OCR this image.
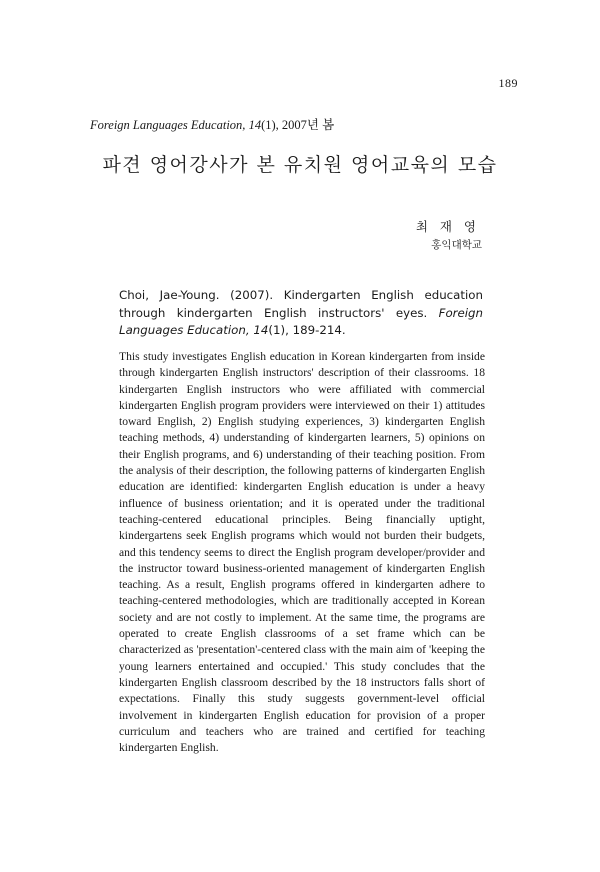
189
Foreign Languages Education, 14(1), 2007년 봄
파견 영어강사가 본 유치원 영어교육의 모습
최 재 영
홍익대학교
Choi, Jae-Young. (2007). Kindergarten English education through kindergarten English instructors' eyes. Foreign Languages Education, 14(1), 189-214.
This study investigates English education in Korean kindergarten from inside through kindergarten English instructors' description of their classrooms. 18 kindergarten English instructors who were affiliated with commercial kindergarten English program providers were interviewed on their 1) attitudes toward English, 2) English studying experiences, 3) kindergarten English teaching methods, 4) understanding of kindergarten learners, 5) opinions on their English programs, and 6) understanding of their teaching position. From the analysis of their description, the following patterns of kindergarten English education are identified: kindergarten English education is under a heavy influence of business orientation; and it is operated under the traditional teaching-centered educational principles. Being financially uptight, kindergartens seek English programs which would not burden their budgets, and this tendency seems to direct the English program developer/provider and the instructor toward business-oriented management of kindergarten English teaching. As a result, English programs offered in kindergarten adhere to teaching-centered methodologies, which are traditionally accepted in Korean society and are not costly to implement. At the same time, the programs are operated to create English classrooms of a set frame which can be characterized as 'presentation'-centered class with the main aim of 'keeping the young learners entertained and occupied.' This study concludes that the kindergarten English classroom described by the 18 instructors falls short of expectations. Finally this study suggests government-level official involvement in kindergarten English education for provision of a proper curriculum and teachers who are trained and certified for teaching kindergarten English.
